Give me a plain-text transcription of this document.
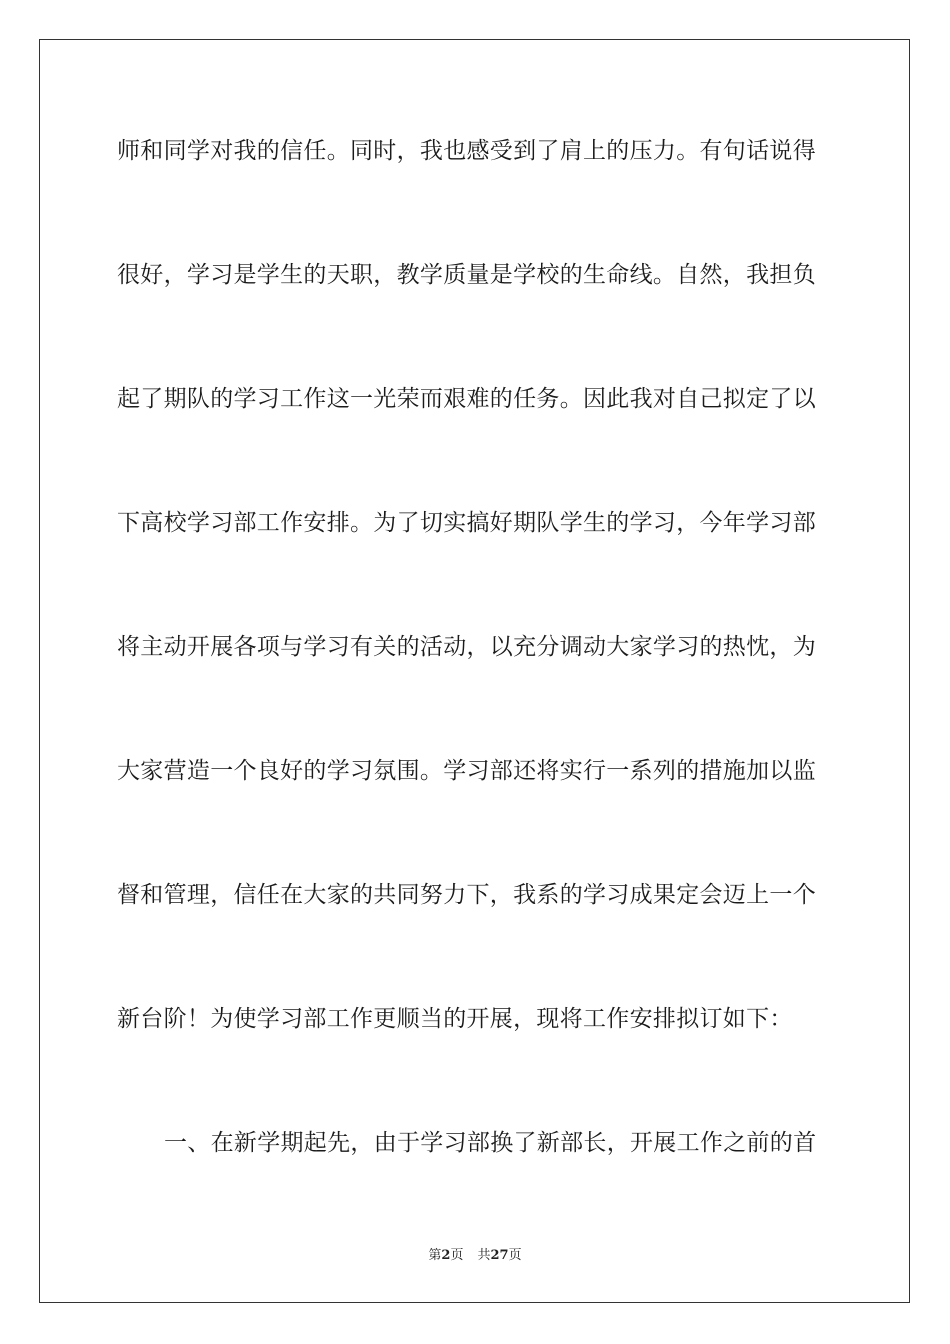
师和同学对我的信任。同时，我也感受到了肩上的压力。有句话说得
很好，学习是学生的天职，教学质量是学校的生命线。自然，我担负
起了期队的学习工作这一光荣而艰难的任务。因此我对自己拟定了以
下高校学习部工作安排。为了切实搞好期队学生的学习，今年学习部
将主动开展各项与学习有关的活动，以充分调动大家学习的热忱，为
大家营造一个良好的学习氛围。学习部还将实行一系列的措施加以监
督和管理，信任在大家的共同努力下，我系的学习成果定会迈上一个
新台阶！为使学习部工作更顺当的开展，现将工作安排拟订如下：
一、在新学期起先，由于学习部换了新部长，开展工作之前的首
第2页 共27页
